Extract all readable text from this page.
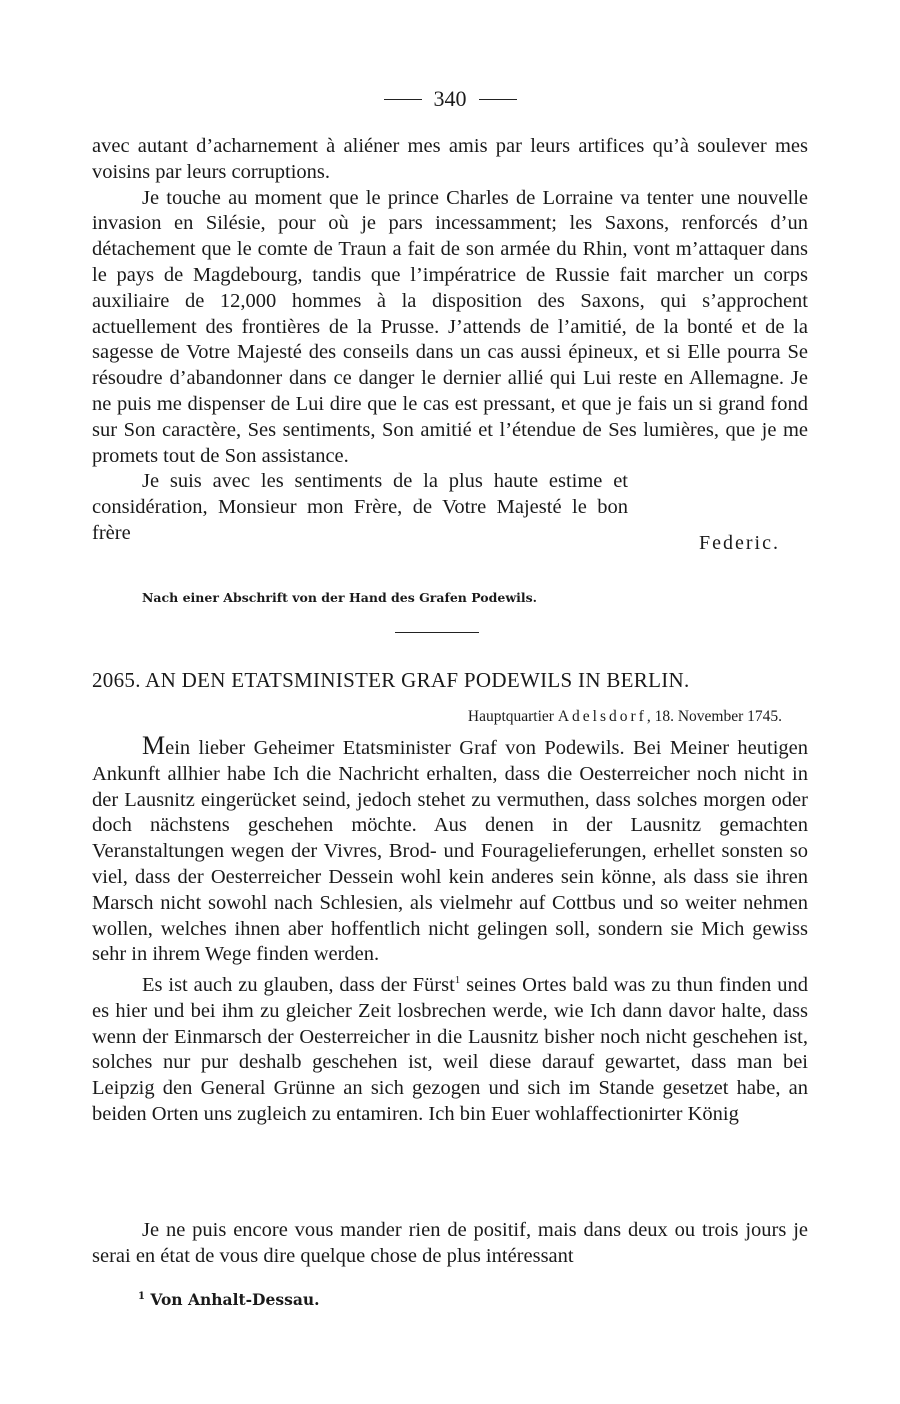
340

avec autant d’acharnement à aliéner mes amis par leurs artifices qu’à soulever mes voisins par leurs corruptions.

Je touche au moment que le prince Charles de Lorraine va tenter une nouvelle invasion en Silésie, pour où je pars incessamment; les Saxons, renforcés d’un détachement que le comte de Traun a fait de son armée du Rhin, vont m’attaquer dans le pays de Magdebourg, tandis que l’impératrice de Russie fait marcher un corps auxiliaire de 12,000 hommes à la disposition des Saxons, qui s’approchent actuellement des frontières de la Prusse. J’attends de l’amitié, de la bonté et de la sagesse de Votre Majesté des conseils dans un cas aussi épineux, et si Elle pourra Se résoudre d’abandonner dans ce danger le dernier allié qui Lui reste en Allemagne. Je ne puis me dispenser de Lui dire que le cas est pressant, et que je fais un si grand fond sur Son caractère, Ses sentiments, Son amitié et l’étendue de Ses lumières, que je me promets tout de Son assistance.

Je suis avec les sentiments de la plus haute estime et considération, Monsieur mon Frère, de Votre Majesté le bon frère	Federic.
Nach einer Abschrift von der Hand des Grafen Podewils.
2065. AN DEN ETATSMINISTER GRAF PODEWILS IN BERLIN.
Hauptquartier Adelsdorf, 18. November 1745.

Mein lieber Geheimer Etatsminister Graf von Podewils. Bei Meiner heutigen Ankunft allhier habe Ich die Nachricht erhalten, dass die Oesterreicher noch nicht in der Lausnitz eingerücket seind, jedoch stehet zu vermuthen, dass solches morgen oder doch nächstens geschehen möchte. Aus denen in der Lausnitz gemachten Veranstaltungen wegen der Vivres, Brod- und Fouragelieferungen, erhellet sonsten so viel, dass der Oesterreicher Dessein wohl kein anderes sein könne, als dass sie ihren Marsch nicht sowohl nach Schlesien, als vielmehr auf Cottbus und so weiter nehmen wollen, welches ihnen aber hoffentlich nicht gelingen soll, sondern sie Mich gewiss sehr in ihrem Wege finden werden.

Es ist auch zu glauben, dass der Fürst$^1$ seines Ortes bald was zu thun finden und es hier und bei ihm zu gleicher Zeit losbrechen werde, wie Ich dann davor halte, dass wenn der Einmarsch der Oesterreicher in die Lausnitz bisher noch nicht geschehen ist, solches nur pur deshalb geschehen ist, weil diese darauf gewartet, dass man bei Leipzig den General Grünne an sich gezogen und sich im Stande gesetzet habe, an beiden Orten uns zugleich zu entamiren. Ich bin Euer wohlaffectionirter König

Je ne puis encore vous mander rien de positif, mais dans deux ou trois jours je serai en état de vous dire quelque chose de plus intéressant

$^1$ Von Anhalt-Dessau.
